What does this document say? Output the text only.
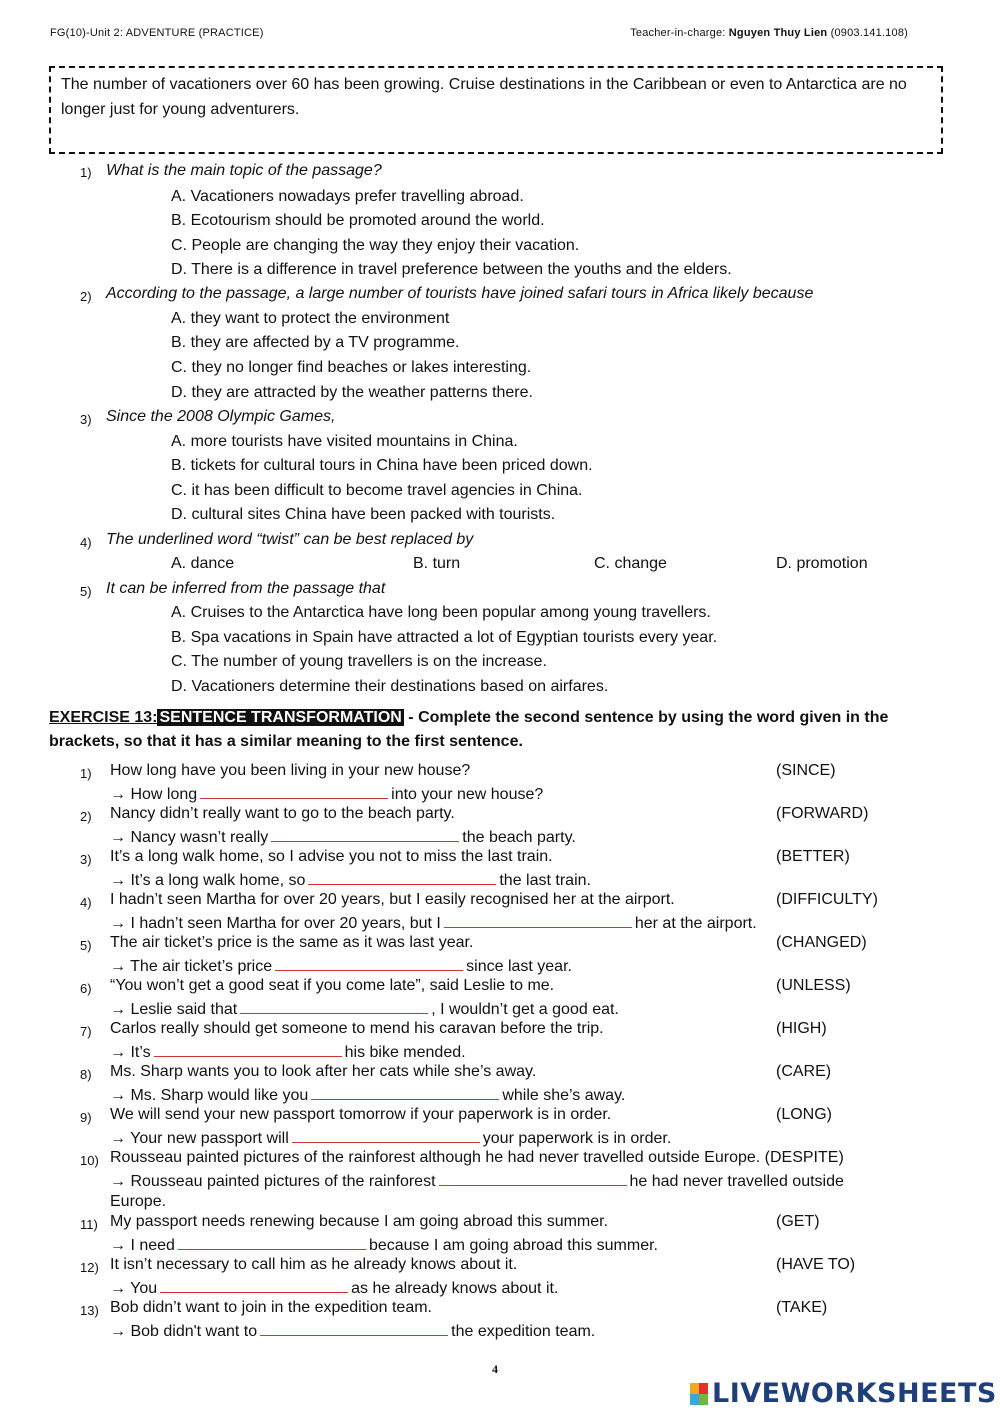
FG(10)-Unit 2: ADVENTURE (PRACTICE)	Teacher-in-charge: Nguyen Thuy Lien (0903.141.108)
The number of vacationers over 60 has been growing. Cruise destinations in the Caribbean or even to Antarctica are no longer just for young adventurers.
1) What is the main topic of the passage?
A. Vacationers nowadays prefer travelling abroad.
B. Ecotourism should be promoted around the world.
C. People are changing the way they enjoy their vacation.
D. There is a difference in travel preference between the youths and the elders.
2) According to the passage, a large number of tourists have joined safari tours in Africa likely because
A. they want to protect the environment
B. they are affected by a TV programme.
C. they no longer find beaches or lakes interesting.
D. they are attracted by the weather patterns there.
3) Since the 2008 Olympic Games,
A. more tourists have visited mountains in China.
B. tickets for cultural tours in China have been priced down.
C. it has been difficult to become travel agencies in China.
D. cultural sites China have been packed with tourists.
4) The underlined word “twist” can be best replaced by
A. dance	B. turn	C. change	D. promotion
5) It can be inferred from the passage that
A. Cruises to the Antarctica have long been popular among young travellers.
B. Spa vacations in Spain have attracted a lot of Egyptian tourists every year.
C. The number of young travellers is on the increase.
D. Vacationers determine their destinations based on airfares.
EXERCISE 13: SENTENCE TRANSFORMATION - Complete the second sentence by using the word given in the brackets, so that it has a similar meaning to the first sentence.
1) How long have you been living in your new house?	(SINCE)
→ How long	into your new house?
2) Nancy didn’t really want to go to the beach party.	(FORWARD)
→ Nancy wasn’t really	the beach party.
3) It’s a long walk home, so I advise you not to miss the last train.	(BETTER)
→ It’s a long walk home, so	the last train.
4) I hadn’t seen Martha for over 20 years, but I easily recognised her at the airport.	(DIFFICULTY)
→ I hadn’t seen Martha for over 20 years, but I	her at the airport.
5) The air ticket’s price is the same as it was last year.	(CHANGED)
→ The air ticket’s price	since last year.
6) “You won’t get a good seat if you come late”, said Leslie to me.	(UNLESS)
→ Leslie said that	, I wouldn’t get a good eat.
7) Carlos really should get someone to mend his caravan before the trip.	(HIGH)
→ It’s	his bike mended.
8) Ms. Sharp wants you to look after her cats while she’s away.	(CARE)
→ Ms. Sharp would like you	while she’s away.
9) We will send your new passport tomorrow if your paperwork is in order.	(LONG)
→ Your new passport will	your paperwork is in order.
10) Rousseau painted pictures of the rainforest although he had never travelled outside Europe. (DESPITE)
→ Rousseau painted pictures of the rainforest	he had never travelled outside
Europe.
11) My passport needs renewing because I am going abroad this summer.	(GET)
→ I need	because I am going abroad this summer.
12) It isn’t necessary to call him as he already knows about it.	(HAVE TO)
→ You	as he already knows about it.
13) Bob didn’t want to join in the expedition team.	(TAKE)
→ Bob didn't want to	the expedition team.
4
LIVEWORKSHEETS
